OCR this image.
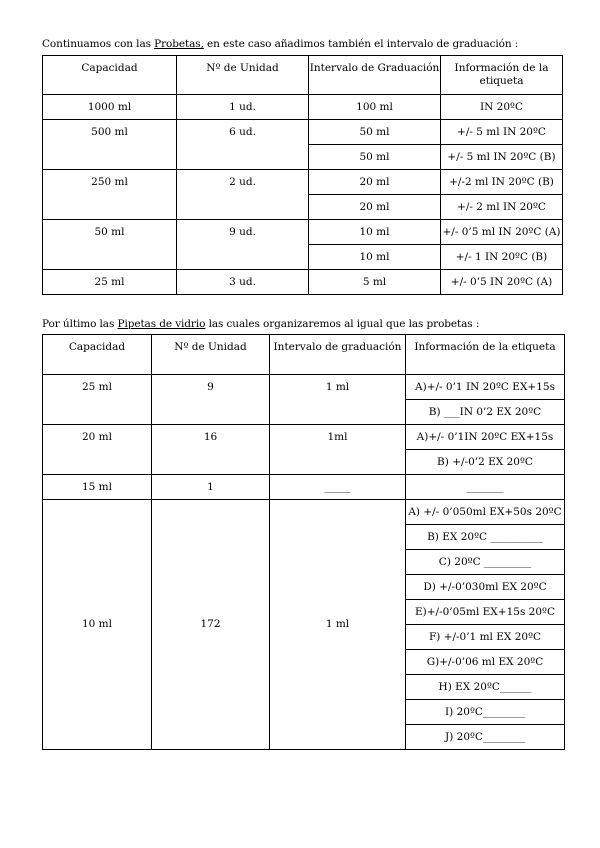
Continuamos con las Probetas, en este caso añadimos también el intervalo de graduación :
Capacidad	Nº de Unidad	Intervalo de Graduación	Información de la etiqueta
1000 ml	1 ud.	100 ml	IN 20ºC
500 ml	6 ud.	50 ml	+/- 5 ml IN 20ºC
		50 ml	+/- 5 ml IN 20ºC (B)
250 ml	2 ud.	20 ml	+/-2 ml IN 20ºC (B)
		20 ml	+/- 2 ml IN 20ºC
50 ml	9 ud.	10 ml	+/- 0’5 ml IN 20ºC (A)
		10 ml	+/- 1 IN 20ºC (B)
25 ml	3 ud.	5 ml	+/- 0’5 IN 20ºC (A)
Por último las Pipetas de vidrio las cuales organizaremos al igual que las probetas :
Capacidad	Nº de Unidad	Intervalo de graduación	Información de la etiqueta
25 ml	9	1 ml	A)+/- 0’1 IN 20ºC EX+15s
			B) ___IN 0’2 EX 20ºC
20 ml	16	1ml	A)+/- 0’1IN 20ºC EX+15s
			B) +/-0’2 EX 20ºC
15 ml	1	_____	_______
10 ml	172	1 ml	A) +/- 0’050ml EX+50s 20ºC
			B) EX 20ºC __________
			C) 20ºC _________
			D) +/-0’030ml EX 20ºC
			E)+/-0’05ml EX+15s 20ºC
			F) +/-0’1 ml EX 20ºC
			G)+/-0’06 ml EX 20ºC
			H) EX 20ºC______
			I) 20ºC________
			J) 20ºC________
